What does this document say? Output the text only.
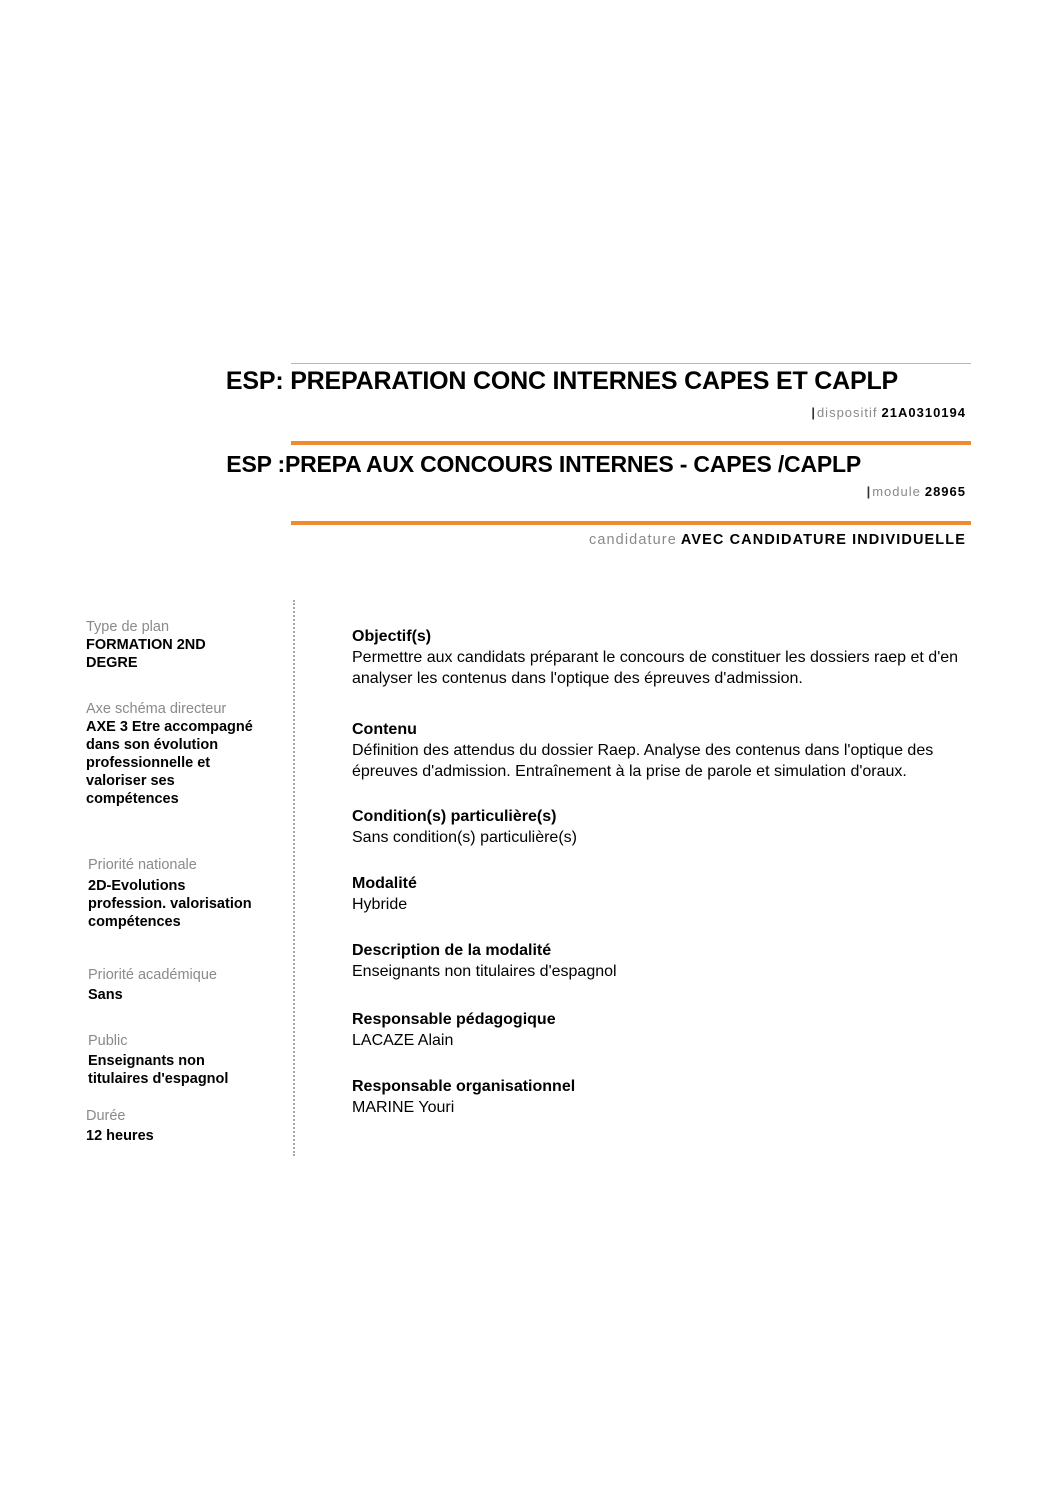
ESP: PREPARATION CONC INTERNES CAPES ET CAPLP
| dispositif 21A0310194
ESP :PREPA AUX CONCOURS INTERNES - CAPES /CAPLP
| module 28965
candidature AVEC CANDIDATURE INDIVIDUELLE
Type de plan
FORMATION 2ND DEGRE
Axe schéma directeur
AXE 3 Etre accompagné dans son évolution professionnelle et valoriser ses compétences
Priorité nationale
2D-Evolutions profession. valorisation compétences
Priorité académique
Sans
Public
Enseignants non titulaires d'espagnol
Durée
12 heures
Objectif(s)
Permettre aux candidats préparant le concours de constituer les dossiers raep et d'en analyser les contenus dans l'optique des épreuves d'admission.
Contenu
Définition des attendus du dossier Raep. Analyse des contenus dans l'optique des épreuves d'admission. Entraînement à la prise de parole et simulation d'oraux.
Condition(s) particulière(s)
Sans condition(s) particulière(s)
Modalité
Hybride
Description de la modalité
Enseignants non titulaires d'espagnol
Responsable pédagogique
LACAZE Alain
Responsable organisationnel
MARINE Youri
